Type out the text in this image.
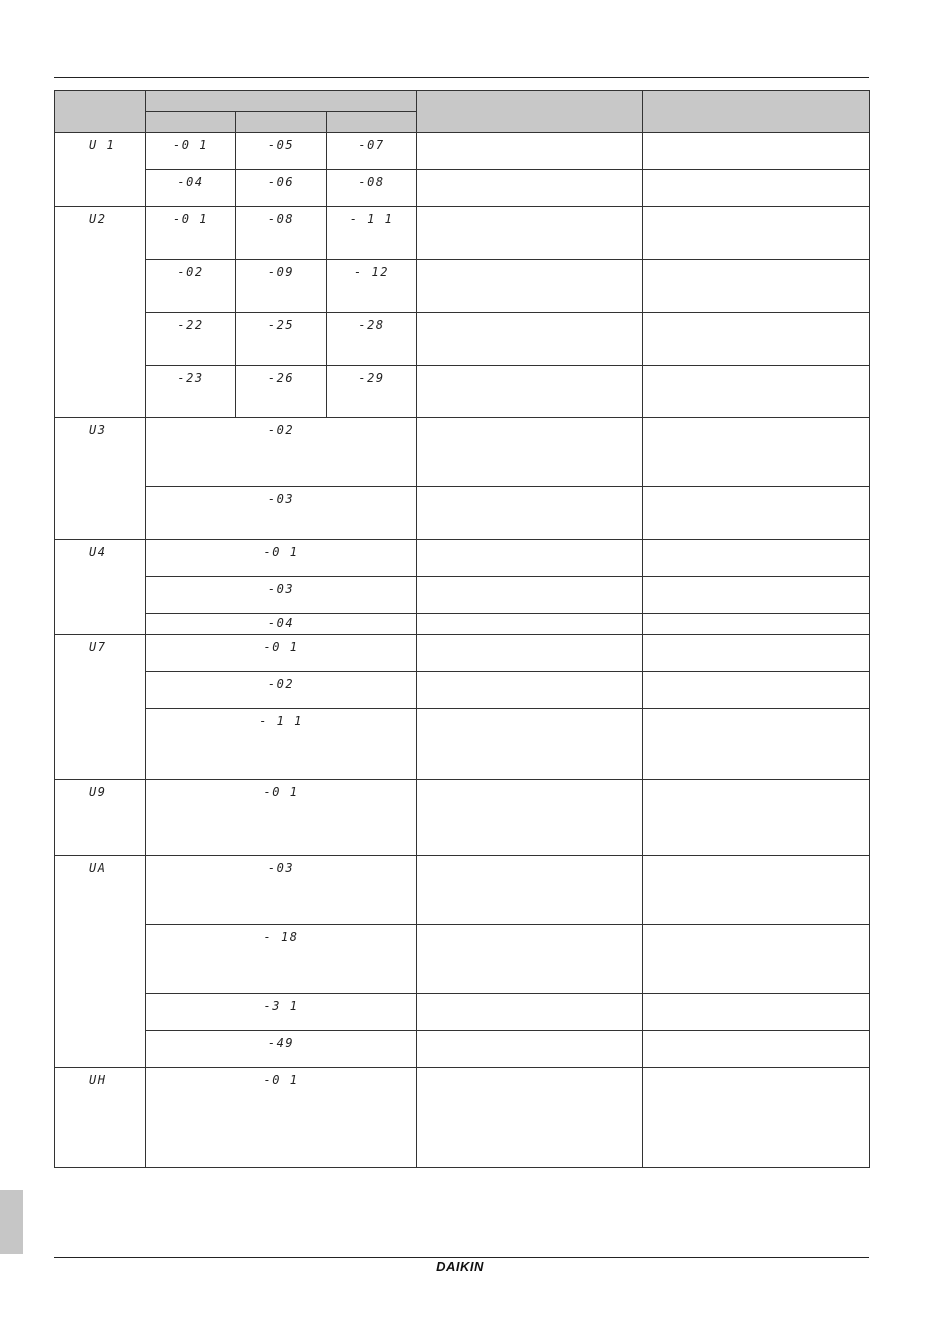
U 1	-0 1	-05	-07		
	-04	-06	-08		
U2	-0 1	-08	- 1 1		
	-02	-09	- 12		
	-22	-25	-28		
	-23	-26	-29		
U3	-02				
	-03				
U4	-0 1				
	-03				
	-04				
U7	-0 1				
	-02				
	- 1 1				
U9	-0 1				
UA	-03				
	- 18				
	-3 1				
	-49				
UH	-0 1				
DAIKIN
